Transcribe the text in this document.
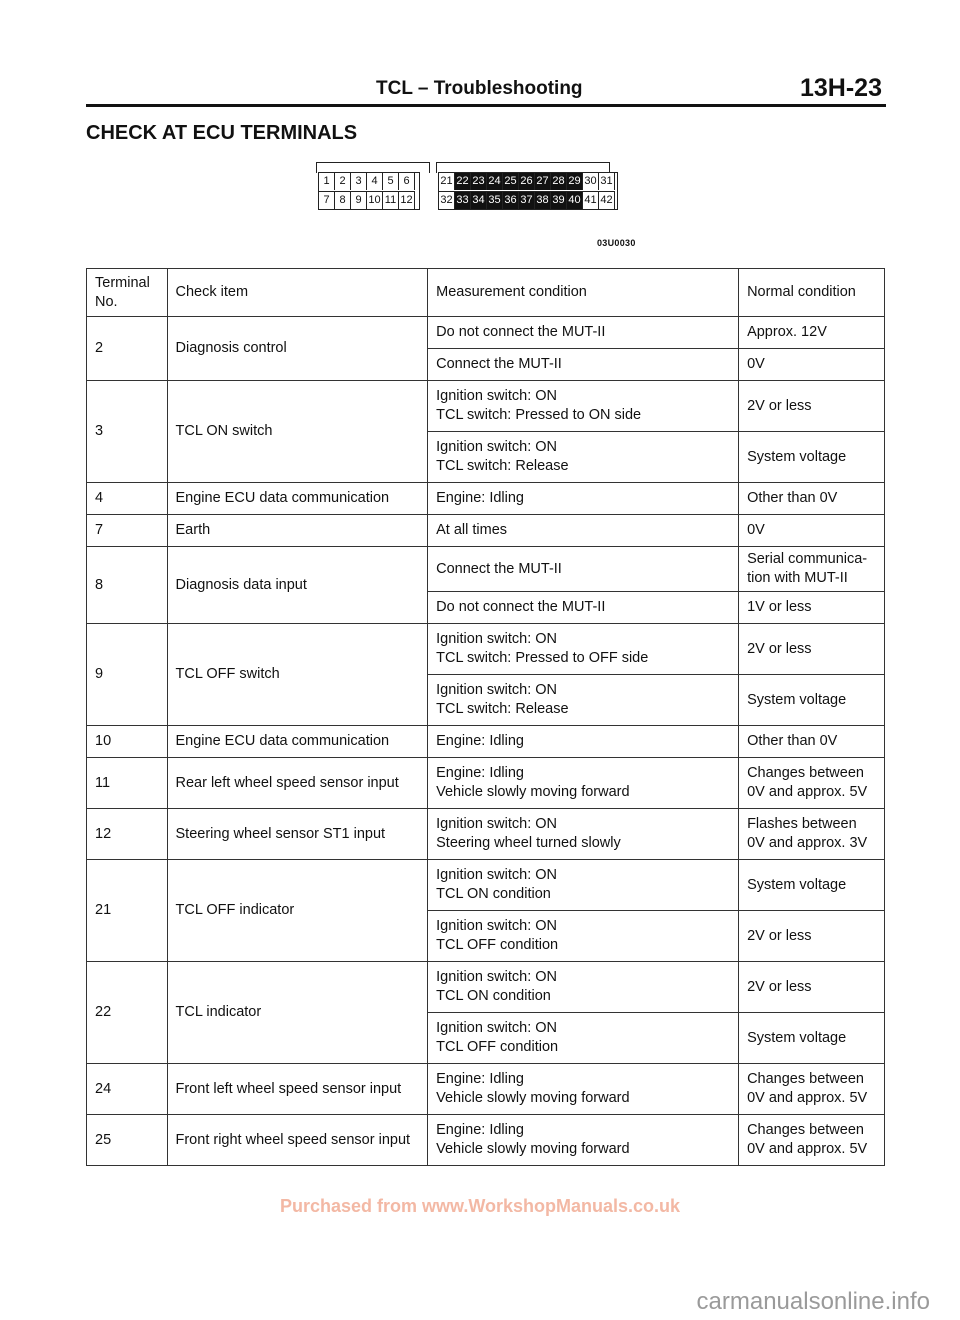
TCL – Troubleshooting	13H-23
CHECK AT ECU TERMINALS
1 2 3 4 5 6
7 8 9 10 11 12
21 22 23 24 25 26 27 28 29 30 31
32 33 34 35 36 37 38 39 40 41 42
03U0030
Terminal No.	Check item	Measurement condition	Normal condition
2	Diagnosis control	Do not connect the MUT-II	Approx. 12V
		Connect the MUT-II	0V
3	TCL ON switch	Ignition switch: ON
TCL switch: Pressed to ON side	2V or less
		Ignition switch: ON
TCL switch: Release	System voltage
4	Engine ECU data communication	Engine: Idling	Other than 0V
7	Earth	At all times	0V
8	Diagnosis data input	Connect the MUT-II	Serial communica-
tion with MUT-II
		Do not connect the MUT-II	1V or less
9	TCL OFF switch	Ignition switch: ON
TCL switch: Pressed to OFF side	2V or less
		Ignition switch: ON
TCL switch: Release	System voltage
10	Engine ECU data communication	Engine: Idling	Other than 0V
11	Rear left wheel speed sensor input	Engine: Idling
Vehicle slowly moving forward	Changes between
0V and approx. 5V
12	Steering wheel sensor ST1 input	Ignition switch: ON
Steering wheel turned slowly	Flashes between
0V and approx. 3V
21	TCL OFF indicator	Ignition switch: ON
TCL ON condition	System voltage
		Ignition switch: ON
TCL OFF condition	2V or less
22	TCL indicator	Ignition switch: ON
TCL ON condition	2V or less
		Ignition switch: ON
TCL OFF condition	System voltage
24	Front left wheel speed sensor input	Engine: Idling
Vehicle slowly moving forward	Changes between
0V and approx. 5V
25	Front right wheel speed sensor input	Engine: Idling
Vehicle slowly moving forward	Changes between
0V and approx. 5V
Purchased from www.WorkshopManuals.co.uk
carmanualsonline.info
